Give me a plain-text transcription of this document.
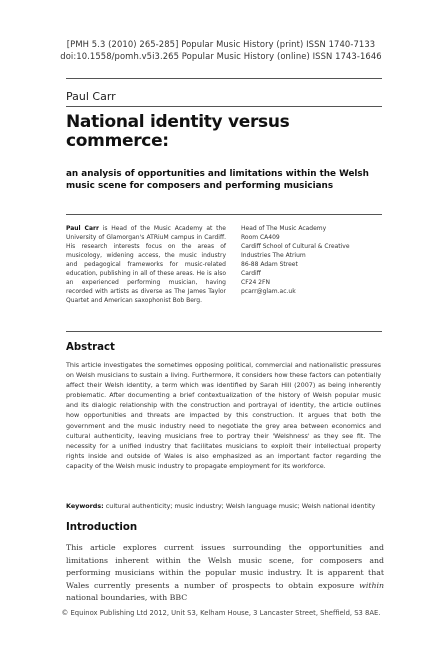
[PMH 5.3 (2010) 265-285] Popular Music History (print) ISSN 1740-7133
doi:10.1558/pomh.v5i3.265 Popular Music History (online) ISSN 1743-1646
Paul Carr
National identity versus commerce:
an analysis of opportunities and limitations within the Welsh music scene for composers and performing musicians
Paul Carr is Head of the Music Academy at the University of Glamorgan's ATRiuM campus in Cardiff. His research interests focus on the areas of musicology, widening access, the music industry and pedagogical frameworks for music-related education, publishing in all of these areas. He is also an experienced performing musician, having recorded with artists as diverse as The James Taylor Quartet and American saxophonist Bob Berg.
Head of The Music Academy
Room CA409
Cardiff School of Cultural & Creative
Industries The Atrium
86-88 Adam Street
Cardiff
CF24 2FN
pcarr@glam.ac.uk
Abstract
This article investigates the sometimes opposing political, commercial and nationalistic pressures on Welsh musicians to sustain a living. Furthermore, it considers how these factors can potentially affect their Welsh identity, a term which was identified by Sarah Hill (2007) as being inherently problematic. After documenting a brief contextualization of the history of Welsh popular music and its dialogic relationship with the construction and portrayal of identity, the article outlines how opportunities and threats are impacted by this construction. It argues that both the government and the music industry need to negotiate the grey area between economics and cultural authenticity, leaving musicians free to portray their 'Welshness' as they see fit. The necessity for a unified industry that facilitates musicians to exploit their intellectual property rights inside and outside of Wales is also emphasized as an important factor regarding the capacity of the Welsh music industry to propagate employment for its workforce.
Keywords: cultural authenticity; music industry; Welsh language music; Welsh national identity
Introduction
This article explores current issues surrounding the opportunities and limitations inherent within the Welsh music scene, for composers and performing musicians within the popular music industry. It is apparent that Wales currently presents a number of prospects to obtain exposure within national boundaries, with BBC
© Equinox Publishing Ltd 2012, Unit S3, Kelham House, 3 Lancaster Street, Sheffield, S3 8AE.
